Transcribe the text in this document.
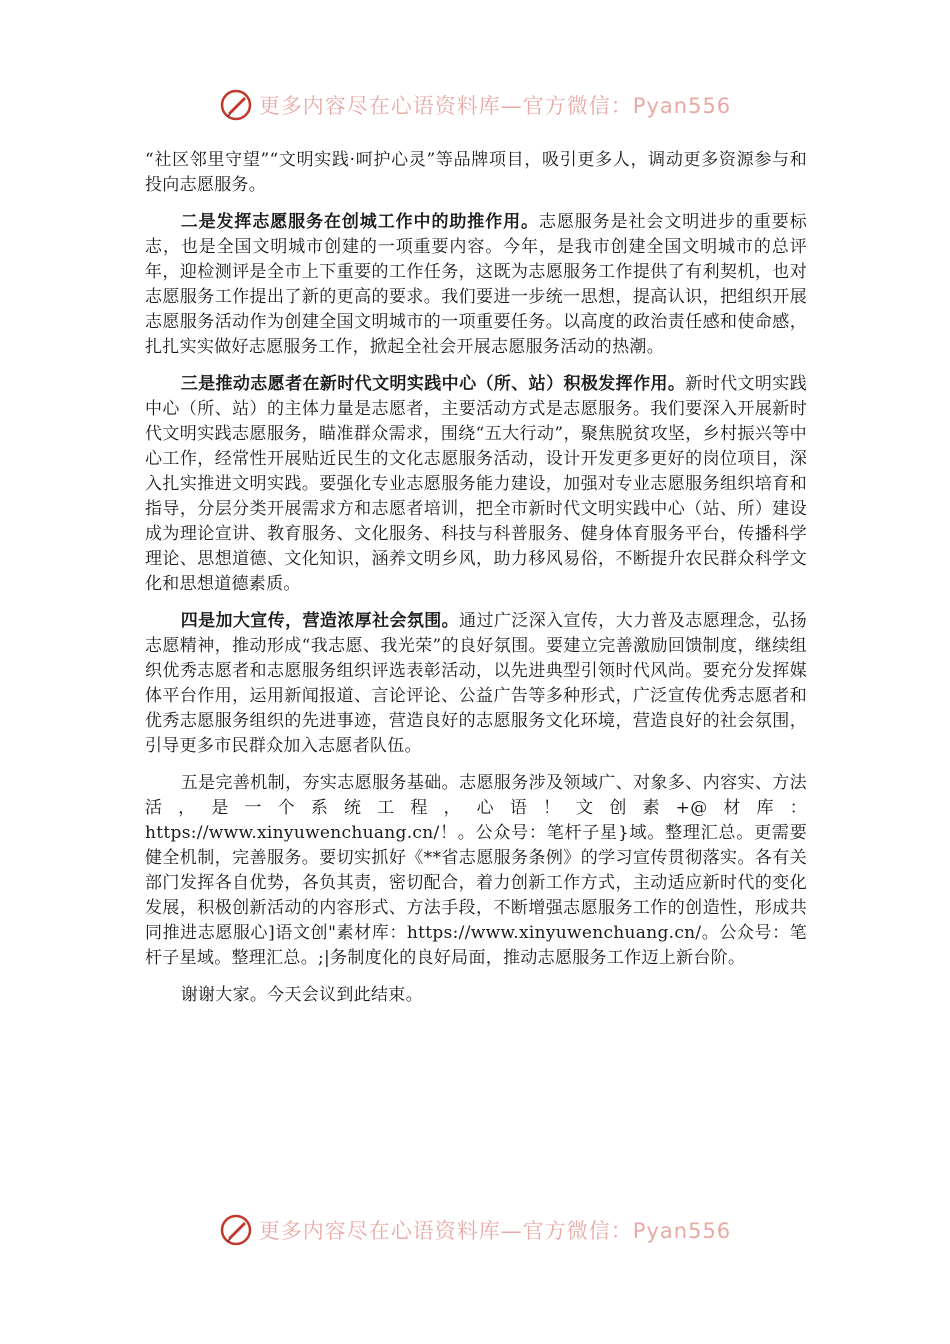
更多内容尽在心语资料库—官方微信：Pyan556

“社区邻里守望”“文明实践·呵护心灵”等品牌项目，吸引更多人，调动更多资源参与和投向志愿服务。

二是发挥志愿服务在创城工作中的助推作用。志愿服务是社会文明进步的重要标志，也是全国文明城市创建的一项重要内容。今年，是我市创建全国文明城市的总评年，迎检测评是全市上下重要的工作任务，这既为志愿服务工作提供了有利契机，也对志愿服务工作提出了新的更高的要求。我们要进一步统一思想，提高认识，把组织开展志愿服务活动作为创建全国文明城市的一项重要任务。以高度的政治责任感和使命感，扎扎实实做好志愿服务工作，掀起全社会开展志愿服务活动的热潮。

三是推动志愿者在新时代文明实践中心（所、站）积极发挥作用。新时代文明实践中心（所、站）的主体力量是志愿者，主要活动方式是志愿服务。我们要深入开展新时代文明实践志愿服务，瞄准群众需求，围绕“五大行动”，聚焦脱贫攻坚，乡村振兴等中心工作，经常性开展贴近民生的文化志愿服务活动，设计开发更多更好的岗位项目，深入扎实推进文明实践。要强化专业志愿服务能力建设，加强对专业志愿服务组织培育和指导，分层分类开展需求方和志愿者培训，把全市新时代文明实践中心（站、所）建设成为理论宣讲、教育服务、文化服务、科技与科普服务、健身体育服务平台，传播科学理论、思想道德、文化知识，涵养文明乡风，助力移风易俗，不断提升农民群众科学文化和思想道德素质。

四是加大宣传，营造浓厚社会氛围。通过广泛深入宣传，大力普及志愿理念，弘扬志愿精神，推动形成“我志愿、我光荣”的良好氛围。要建立完善激励回馈制度，继续组织优秀志愿者和志愿服务组织评选表彰活动，以先进典型引领时代风尚。要充分发挥媒体平台作用，运用新闻报道、言论评论、公益广告等多种形式，广泛宣传优秀志愿者和优秀志愿服务组织的先进事迹，营造良好的志愿服务文化环境，营造良好的社会氛围，引导更多市民群众加入志愿者队伍。

五是完善机制，夯实志愿服务基础。志愿服务涉及领域广、对象多、内容实、方法活，是一个系统工程，心语！文创素+@材库：https://www.xinyuwenchuang.cn/！。公众号：笔杆子星}域。整理汇总。更需要健全机制，完善服务。要切实抓好《**省志愿服务条例》的学习宣传贯彻落实。各有关部门发挥各自优势，各负其责，密切配合，着力创新工作方式，主动适应新时代的变化发展，积极创新活动的内容形式、方法手段，不断增强志愿服务工作的创造性，形成共同推进志愿服心]语文创"素材库：https://www.xinyuwenchuang.cn/。公众号：笔杆子星域。整理汇总。;|务制度化的良好局面，推动志愿服务工作迈上新台阶。

谢谢大家。今天会议到此结束。

更多内容尽在心语资料库—官方微信：Pyan556
